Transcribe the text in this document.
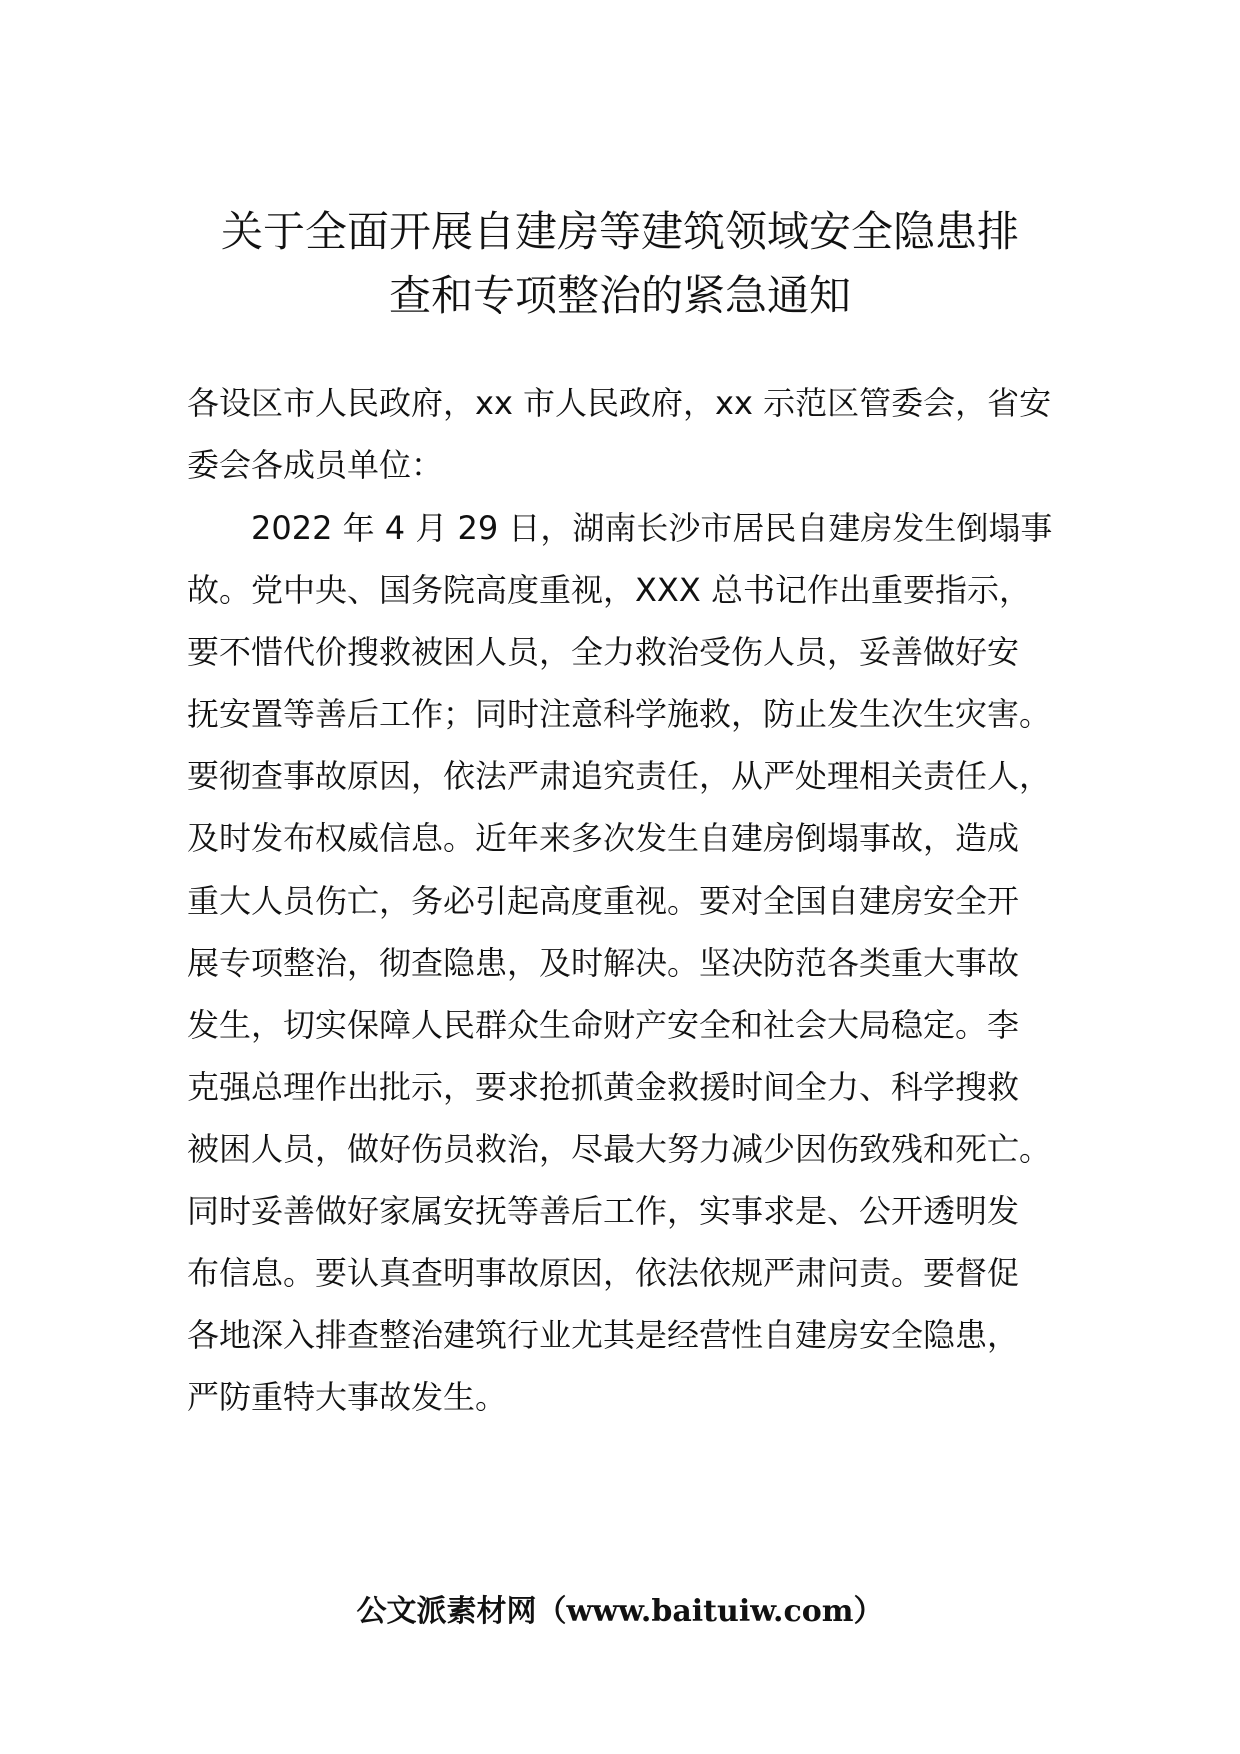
关于全面开展自建房等建筑领域安全隐患排
查和专项整治的紧急通知
各设区市人民政府，xx 市人民政府，xx 示范区管委会，省安
委会各成员单位：
2022 年 4 月 29 日，湖南长沙市居民自建房发生倒塌事
故。党中央、国务院高度重视，XXX 总书记作出重要指示，
要不惜代价搜救被困人员，全力救治受伤人员，妥善做好安
抚安置等善后工作；同时注意科学施救，防止发生次生灾害。
要彻查事故原因，依法严肃追究责任，从严处理相关责任人，
及时发布权威信息。近年来多次发生自建房倒塌事故，造成
重大人员伤亡，务必引起高度重视。要对全国自建房安全开
展专项整治，彻查隐患，及时解决。坚决防范各类重大事故
发生，切实保障人民群众生命财产安全和社会大局稳定。李
克强总理作出批示，要求抢抓黄金救援时间全力、科学搜救
被困人员，做好伤员救治，尽最大努力减少因伤致残和死亡。
同时妥善做好家属安抚等善后工作，实事求是、公开透明发
布信息。要认真查明事故原因，依法依规严肃问责。要督促
各地深入排查整治建筑行业尤其是经营性自建房安全隐患，
严防重特大事故发生。
公文派素材网（www.baituiw.com）
